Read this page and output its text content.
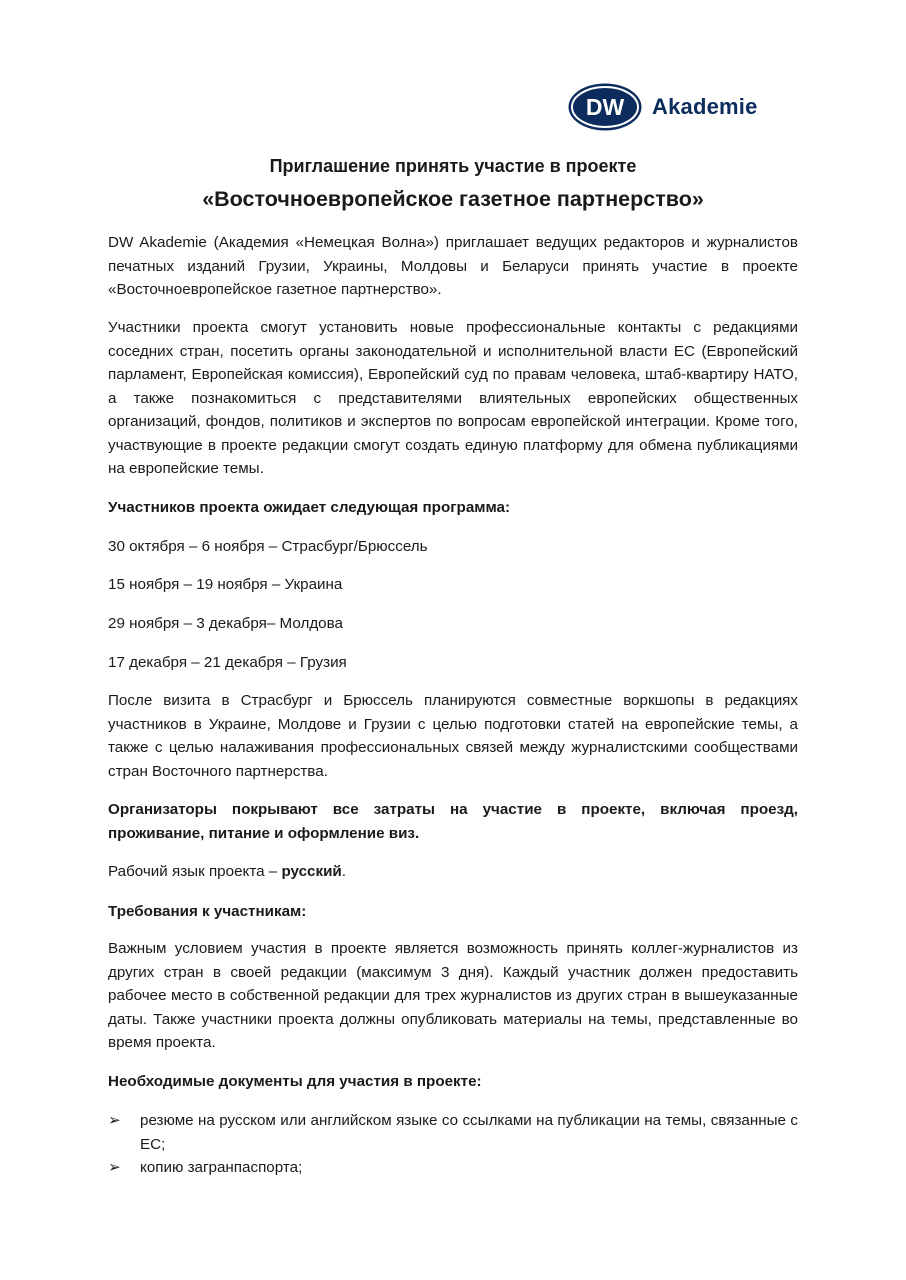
DW Akademie
Приглашение принять участие в проекте
«Восточноевропейское газетное партнерство»

DW Akademie (Академия «Немецкая Волна») приглашает ведущих редакторов и журналистов печатных изданий Грузии, Украины, Молдовы и Беларуси принять участие в проекте «Восточноевропейское газетное партнерство».

Участники проекта смогут установить новые профессиональные контакты с редакциями соседних стран, посетить органы законодательной и исполнительной власти ЕС (Европейский парламент, Европейская комиссия), Европейский суд по правам человека, штаб-квартиру НАТО, а также познакомиться с представителями влиятельных европейских общественных организаций, фондов, политиков и экспертов по вопросам европейской интеграции. Кроме того, участвующие в проекте редакции смогут создать единую платформу для обмена публикациями на европейские темы.

Участников проекта ожидает следующая программа:

30 октября – 6 ноября – Страсбург/Брюссель

15 ноября – 19 ноября – Украина

29 ноября – 3 декабря– Молдова

17 декабря – 21 декабря – Грузия

После визита в Страсбург и Брюссель планируются совместные воркшопы в редакциях участников в Украине, Молдове и Грузии с целью подготовки статей на европейские темы, а также с целью налаживания профессиональных связей между журналистскими сообществами стран Восточного партнерства.

Организаторы покрывают все затраты на участие в проекте, включая проезд, проживание, питание и оформление виз.

Рабочий язык проекта – русский.

Требования к участникам:

Важным условием участия в проекте является возможность принять коллег-журналистов из других стран в своей редакции (максимум 3 дня). Каждый участник должен предоставить рабочее место в собственной редакции для трех журналистов из других стран в вышеуказанные даты. Также участники проекта должны опубликовать материалы на темы, представленные во время проекта.

Необходимые документы для участия в проекте:

➢	резюме на русском или английском языке со ссылками на публикации на темы, связанные с ЕС;
➢	копию загранпаспорта;
